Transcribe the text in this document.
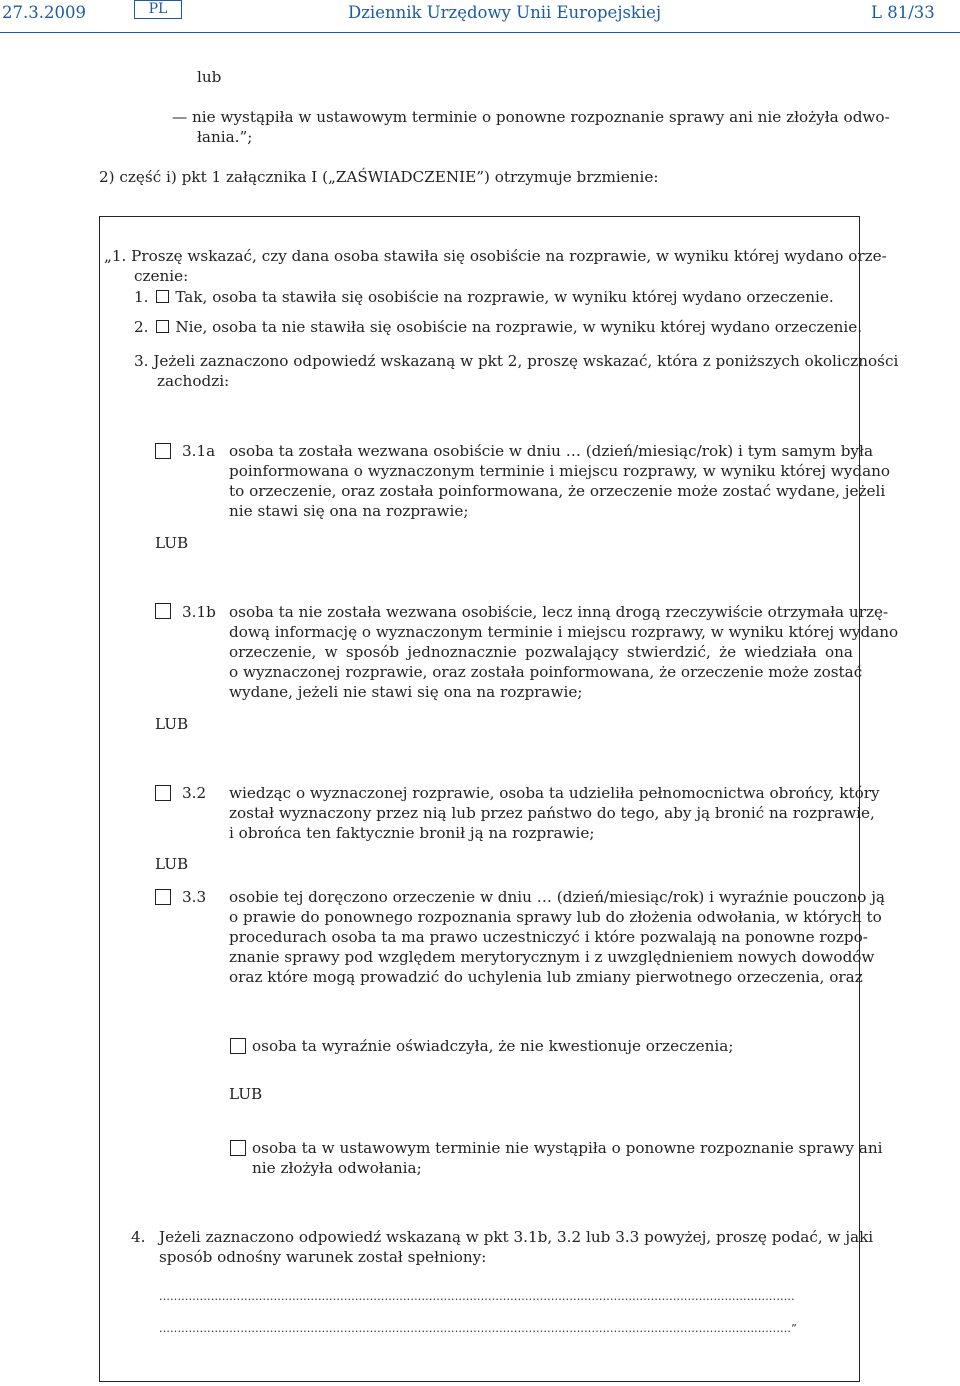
27.3.2009	PL	Dziennik Urzędowy Unii Europejskiej	L 81/33
lub
— nie wystąpiła w ustawowym terminie o ponowne rozpoznanie sprawy ani nie złożyła odwo-
łania.”;
2) część i) pkt 1 załącznika I („ZAŚWIADCZENIE”) otrzymuje brzmienie:
„1. Proszę wskazać, czy dana osoba stawiła się osobiście na rozprawie, w wyniku której wydano orze-
czenie:
1. Tak, osoba ta stawiła się osobiście na rozprawie, w wyniku której wydano orzeczenie.
2. Nie, osoba ta nie stawiła się osobiście na rozprawie, w wyniku której wydano orzeczenie.
3. Jeżeli zaznaczono odpowiedź wskazaną w pkt 2, proszę wskazać, która z poniższych okoliczności
zachodzi:
3.1a osoba ta została wezwana osobiście w dniu … (dzień/miesiąc/rok) i tym samym była
poinformowana o wyznaczonym terminie i miejscu rozprawy, w wyniku której wydano
to orzeczenie, oraz została poinformowana, że orzeczenie może zostać wydane, jeżeli
nie stawi się ona na rozprawie;
LUB
3.1b osoba ta nie została wezwana osobiście, lecz inną drogą rzeczywiście otrzymała urzę-
dową informację o wyznaczonym terminie i miejscu rozprawy, w wyniku której wydano
orzeczenie, w sposób jednoznacznie pozwalający stwierdzić, że wiedziała ona
o wyznaczonej rozprawie, oraz została poinformowana, że orzeczenie może zostać
wydane, jeżeli nie stawi się ona na rozprawie;
LUB
3.2 wiedząc o wyznaczonej rozprawie, osoba ta udzieliła pełnomocnictwa obrońcy, który
został wyznaczony przez nią lub przez państwo do tego, aby ją bronić na rozprawie,
i obrońca ten faktycznie bronił ją na rozprawie;
LUB
3.3 osobie tej doręczono orzeczenie w dniu … (dzień/miesiąc/rok) i wyraźnie pouczono ją
o prawie do ponownego rozpoznania sprawy lub do złożenia odwołania, w których to
procedurach osoba ta ma prawo uczestniczyć i które pozwalają na ponowne rozpo-
znanie sprawy pod względem merytorycznym i z uwzględnieniem nowych dowodów
oraz które mogą prowadzić do uchylenia lub zmiany pierwotnego orzeczenia, oraz
osoba ta wyraźnie oświadczyła, że nie kwestionuje orzeczenia;
LUB
osoba ta w ustawowym terminie nie wystąpiła o ponowne rozpoznanie sprawy ani
nie złożyła odwołania;
4. Jeżeli zaznaczono odpowiedź wskazaną w pkt 3.1b, 3.2 lub 3.3 powyżej, proszę podać, w jaki
sposób odnośny warunek został spełniony:
............................................................................................................................................................................
...........................................................................................................................................................................”
